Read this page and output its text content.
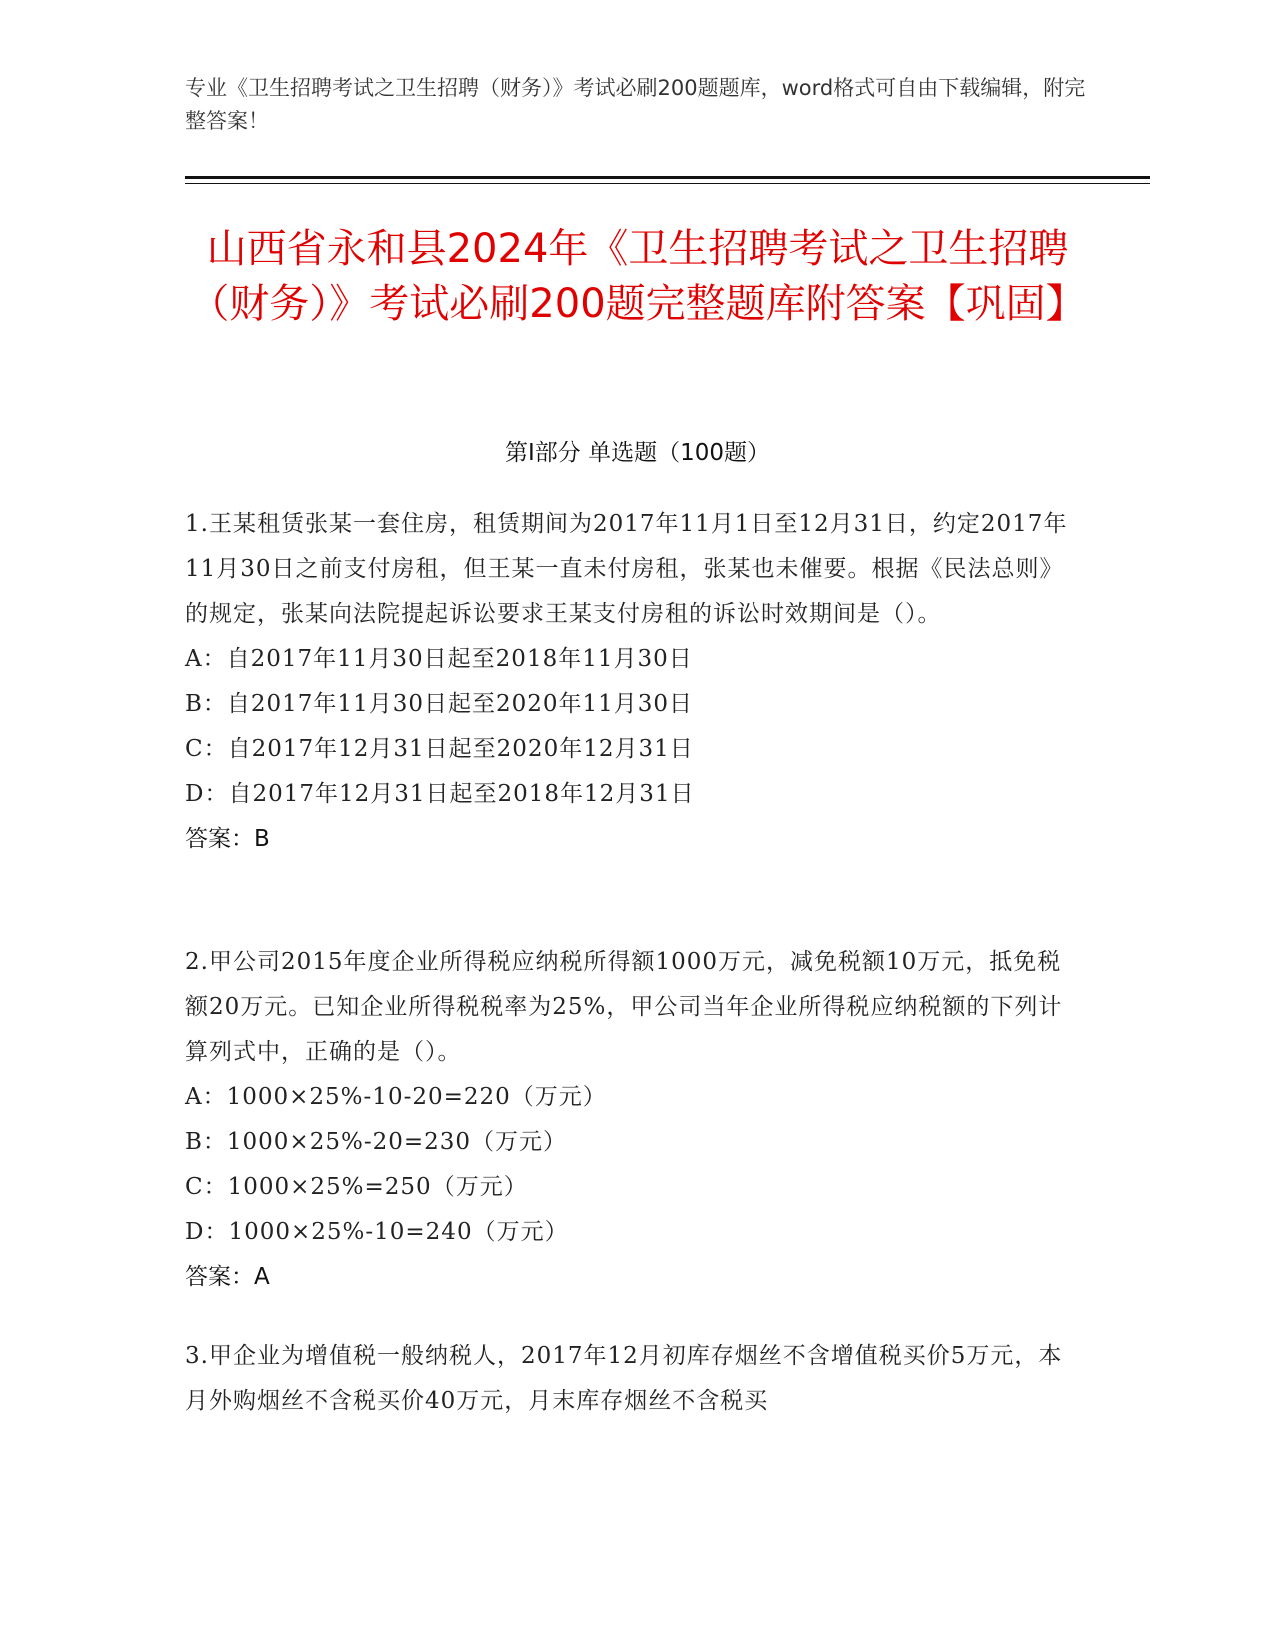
专业《卫生招聘考试之卫生招聘（财务）》考试必刷200题题库，word格式可自由下载编辑，附完整答案！

山西省永和县2024年《卫生招聘考试之卫生招聘（财务）》考试必刷200题完整题库附答案【巩固】
第I部分 单选题（100题）

1.王某租赁张某一套住房，租赁期间为2017年11月1日至12月31日，约定2017年11月30日之前支付房租，但王某一直未付房租，张某也未催要。根据《民法总则》的规定，张某向法院提起诉讼要求王某支付房租的诉讼时效期间是（）。

A：自2017年11月30日起至2018年11月30日

B：自2017年11月30日起至2020年11月30日

C：自2017年12月31日起至2020年12月31日

D：自2017年12月31日起至2018年12月31日

答案：B

2.甲公司2015年度企业所得税应纳税所得额1000万元，减免税额10万元，抵免税额20万元。已知企业所得税税率为25%，甲公司当年企业所得税应纳税额的下列计算列式中，正确的是（）。

A：1000×25%-10-20=220（万元）

B：1000×25%-20=230（万元）

C：1000×25%=250（万元）

D：1000×25%-10=240（万元）

答案：A

3.甲企业为增值税一般纳税人，2017年12月初库存烟丝不含增值税买价5万元，本月外购烟丝不含税买价40万元，月末库存烟丝不含税买
